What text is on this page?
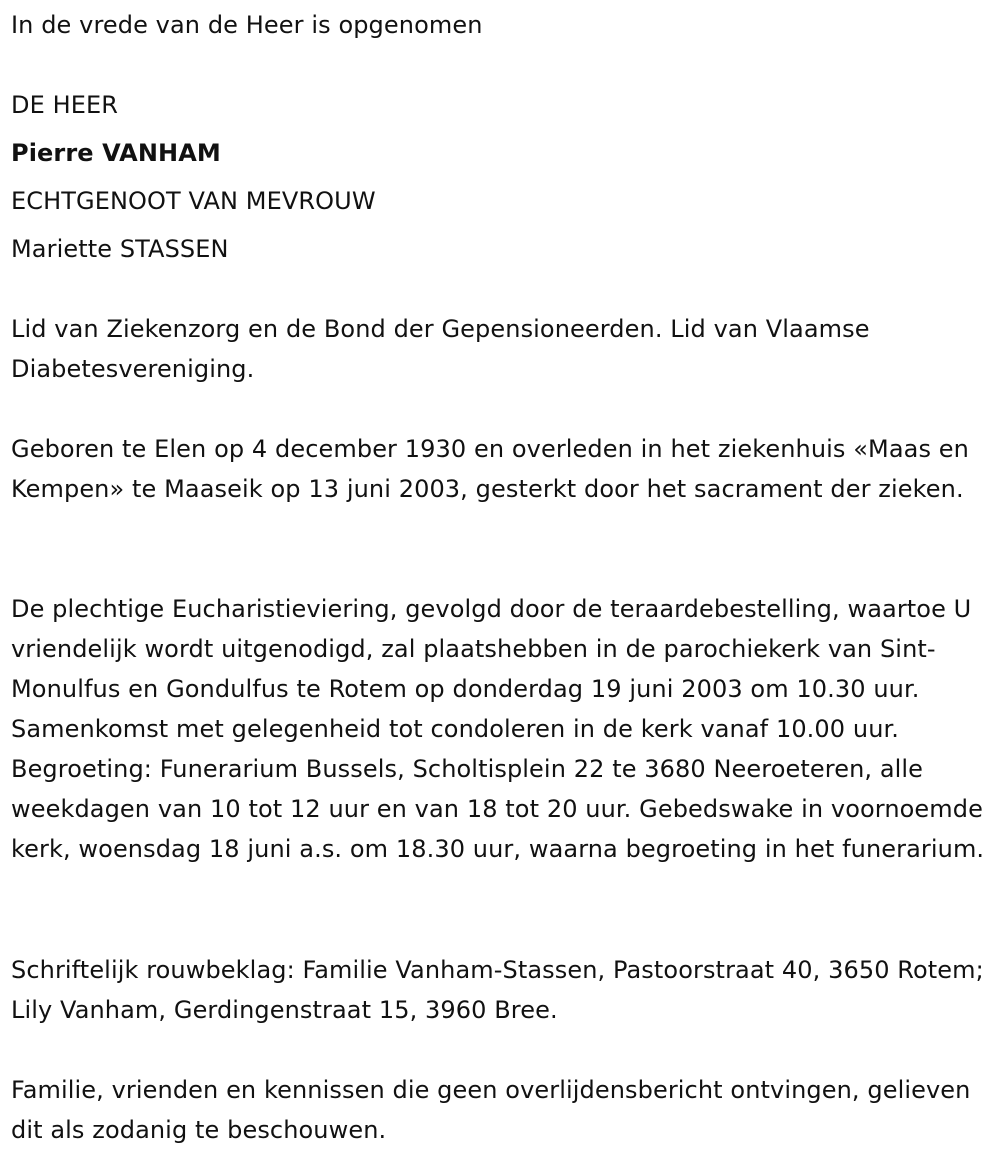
In de vrede van de Heer is opgenomen
DE HEER
Pierre VANHAM
ECHTGENOOT VAN MEVROUW
Mariette STASSEN

Lid van Ziekenzorg en de Bond der Gepensioneerden. Lid van Vlaamse Diabetesvereniging.

Geboren te Elen op 4 december 1930 en overleden in het ziekenhuis «Maas en Kempen» te Maaseik op 13 juni 2003, gesterkt door het sacrament der zieken.

De plechtige Eucharistieviering, gevolgd door de teraardebestelling, waartoe U vriendelijk wordt uitgenodigd, zal plaatshebben in de parochiekerk van Sint-Monulfus en Gondulfus te Rotem op donderdag 19 juni 2003 om 10.30 uur. Samenkomst met gelegenheid tot condoleren in de kerk vanaf 10.00 uur. Begroeting: Funerarium Bussels, Scholtisplein 22 te 3680 Neeroeteren, alle weekdagen van 10 tot 12 uur en van 18 tot 20 uur. Gebedswake in voornoemde kerk, woensdag 18 juni a.s. om 18.30 uur, waarna begroeting in het funerarium.

Schriftelijk rouwbeklag: Familie Vanham-Stassen, Pastoorstraat 40, 3650 Rotem; Lily Vanham, Gerdingenstraat 15, 3960 Bree.

Familie, vrienden en kennissen die geen overlijdensbericht ontvingen, gelieven dit als zodanig te beschouwen.
